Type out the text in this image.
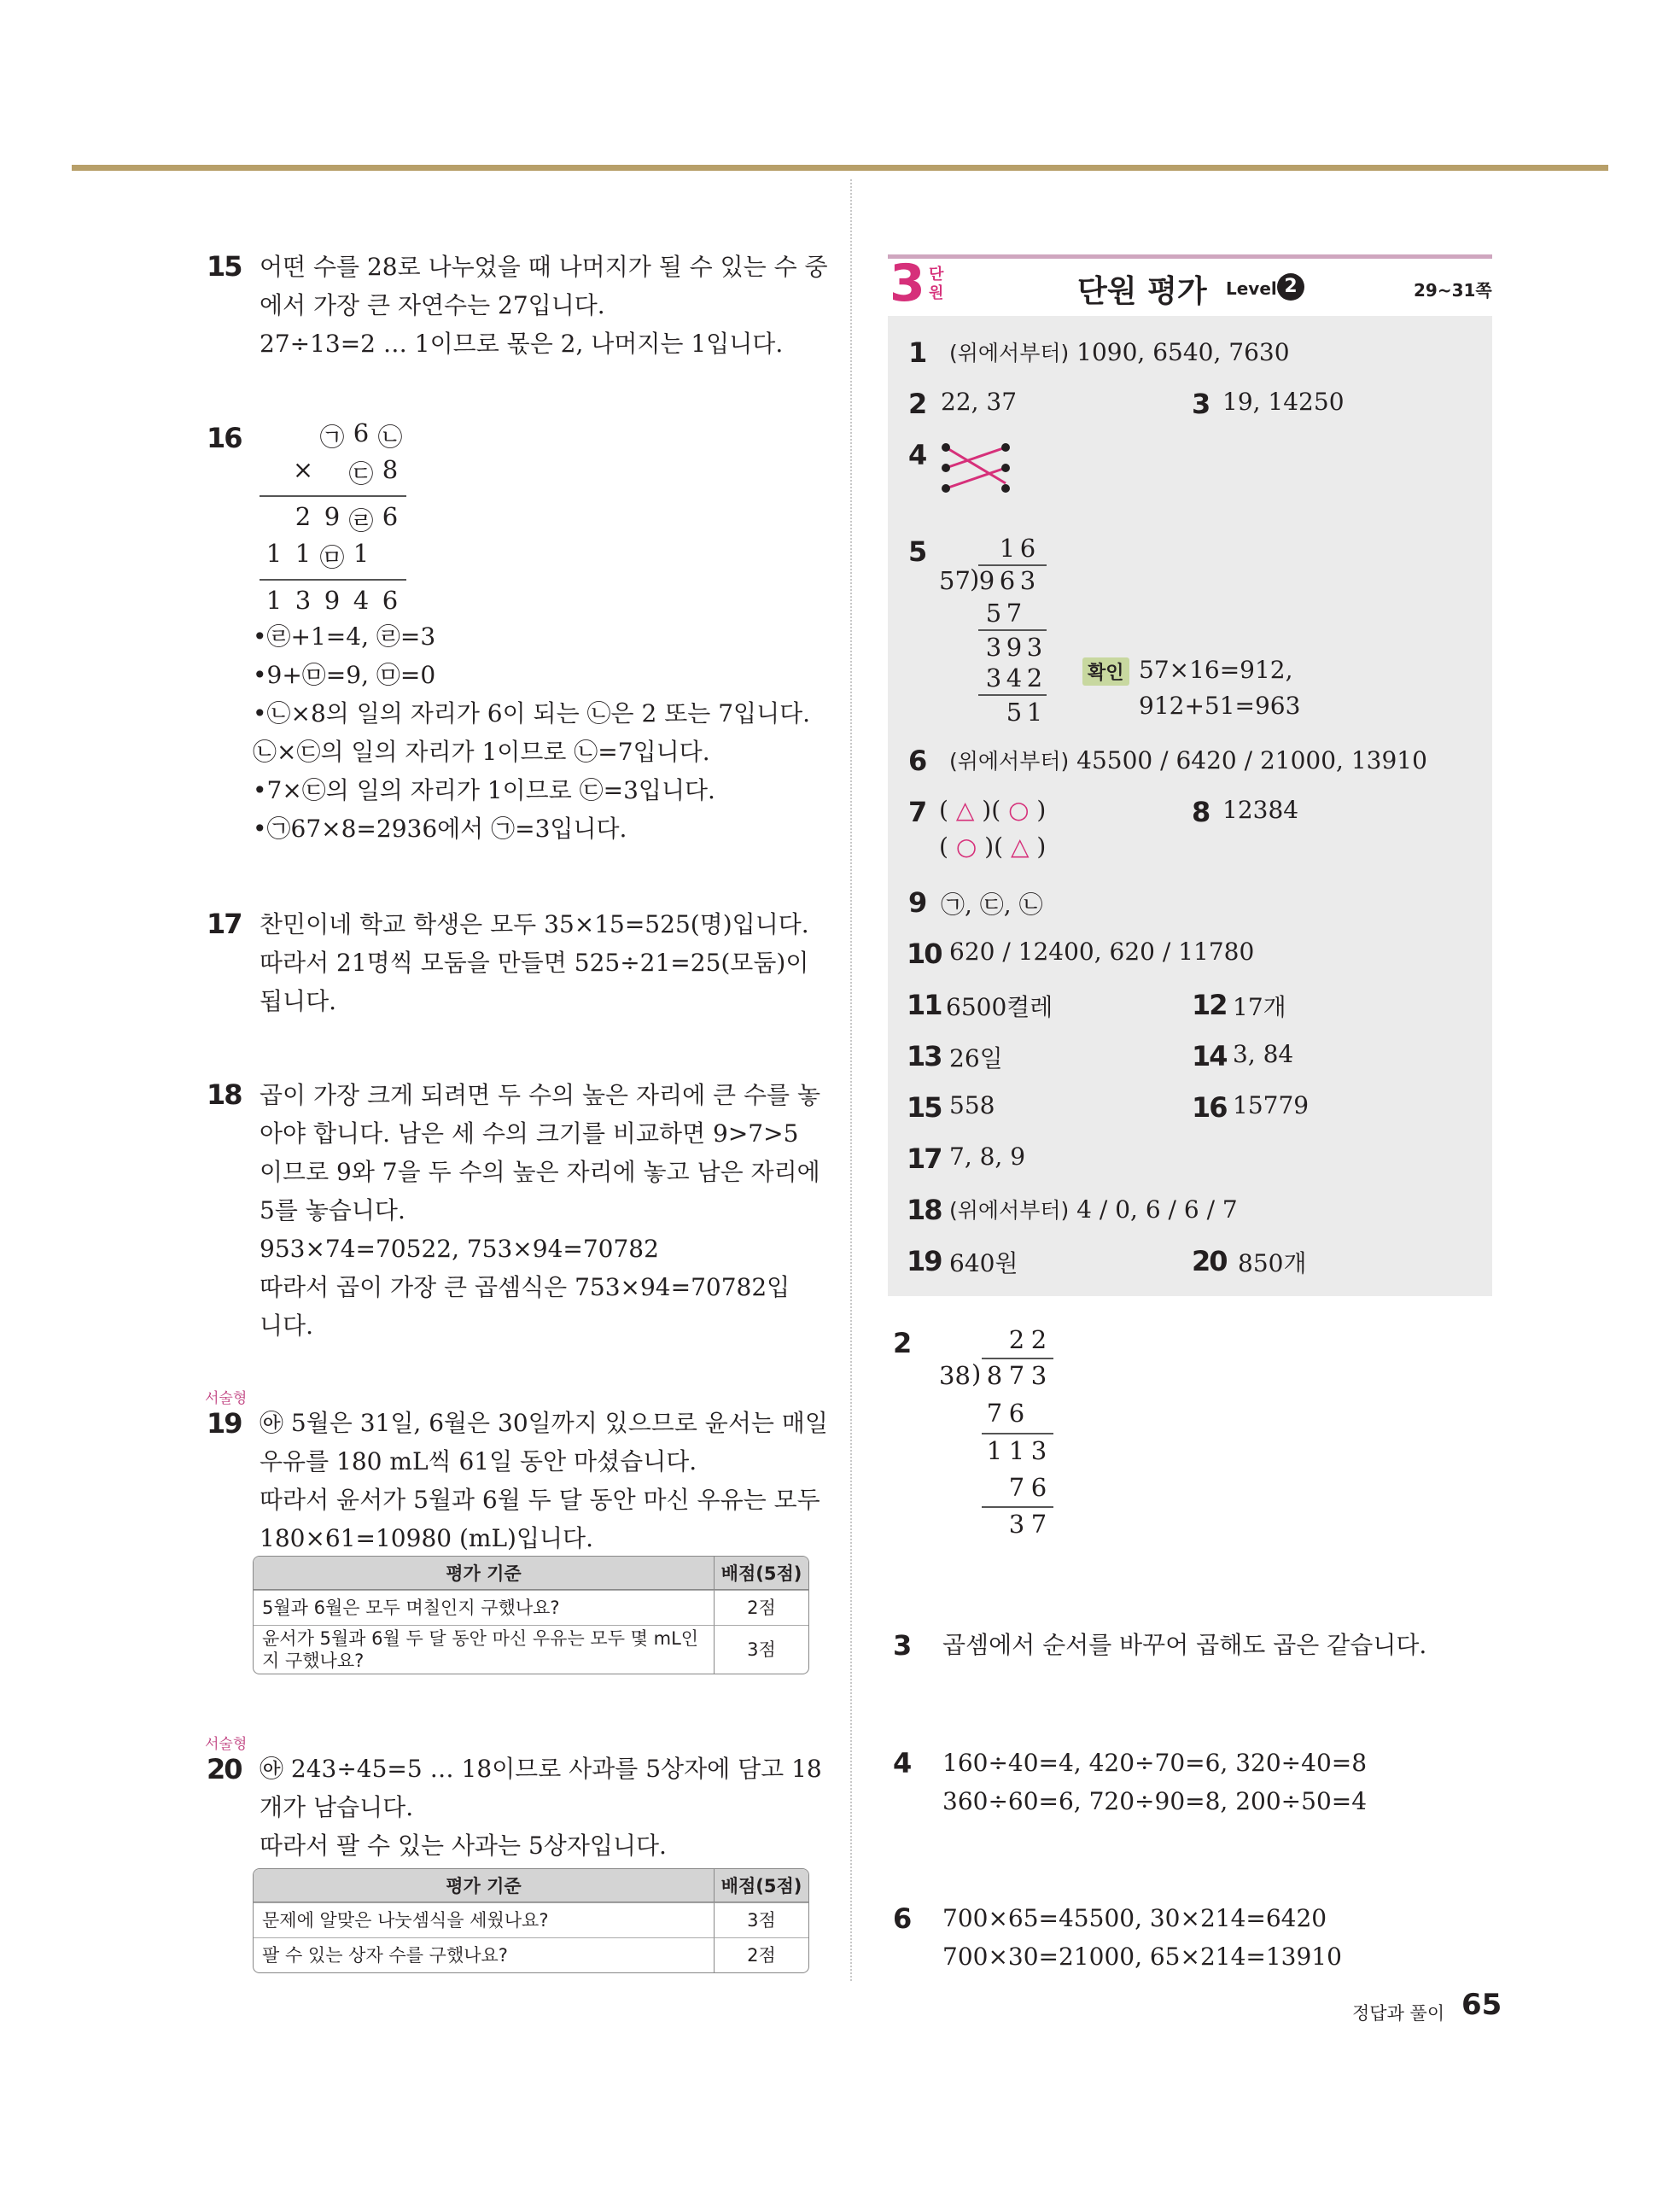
15 어떤 수를 28로 나누었을 때 나머지가 될 수 있는 수 중
에서 가장 큰 자연수는 27입니다.
27÷13=2 … 1이므로 몫은 2, 나머지는 1입니다.
16	㉠ 6 ㉡
× ㉢ 8
2 9 ㉣ 6
1 1 ㉤ 1
1 3 9 4 6
•㉣+1=4, ㉣=3
•9+㉤=9, ㉤=0
•㉡×8의 일의 자리가 6이 되는 ㉡은 2 또는 7입니다.
㉡×㉢의 일의 자리가 1이므로 ㉡=7입니다.
•7×㉢의 일의 자리가 1이므로 ㉢=3입니다.
•㉠67×8=2936에서 ㉠=3입니다.
17 찬민이네 학교 학생은 모두 35×15=525(명)입니다.
따라서 21명씩 모둠을 만들면 525÷21=25(모둠)이
됩니다.
18 곱이 가장 크게 되려면 두 수의 높은 자리에 큰 수를 놓
아야 합니다. 남은 세 수의 크기를 비교하면 9>7>5
이므로 9와 7을 두 수의 높은 자리에 놓고 남은 자리에
5를 놓습니다.
953×74=70522, 753×94=70782
따라서 곱이 가장 큰 곱셈식은 753×94=70782입
니다.
서술형
19 ㉵ 5월은 31일, 6월은 30일까지 있으므로 윤서는 매일
우유를 180 mL씩 61일 동안 마셨습니다.
따라서 윤서가 5월과 6월 두 달 동안 마신 우유는 모두
180×61=10980 (mL)입니다.
평가 기준	배점(5점)
5월과 6월은 모두 며칠인지 구했나요?	2점
윤서가 5월과 6월 두 달 동안 마신 우유는 모두 몇 mL인지 구했나요?	3점
서술형
20 ㉵ 243÷45=5 … 18이므로 사과를 5상자에 담고 18
개가 남습니다.
따라서 팔 수 있는 사과는 5상자입니다.
평가 기준	배점(5점)
문제에 알맞은 나눗셈식을 세웠나요?	3점
팔 수 있는 상자 수를 구했나요?	2점
3 단
원	단원 평가 Level 2	29~31쪽
1 (위에서부터) 1090, 6540, 7630
2 22, 37	3 19, 14250
4
5	1 6
57 ) 9 6 3
5 7
3 9 3
3 4 2
5 1
확인 57×16=912,
912+51=963
6 (위에서부터) 45500 / 6420 / 21000, 13910
7 ( △ )( ○ )
( ○ )( △ )
8 12384
9 ㉠, ㉢, ㉡
10 620 / 12400, 620 / 11780
11 6500켤레	12 17개
13 26일	14 3, 84
15 558	16 15779
17 7, 8, 9
18 (위에서부터) 4 / 0, 6 / 6 / 7
19 640원	20 850개
2	2 2
38 ) 8 7 3
7 6
1 1 3
7 6
3 7
3 곱셈에서 순서를 바꾸어 곱해도 곱은 같습니다.
4 160÷40=4, 420÷70=6, 320÷40=8
360÷60=6, 720÷90=8, 200÷50=4
6 700×65=45500, 30×214=6420
700×30=21000, 65×214=13910
정답과 풀이 65
